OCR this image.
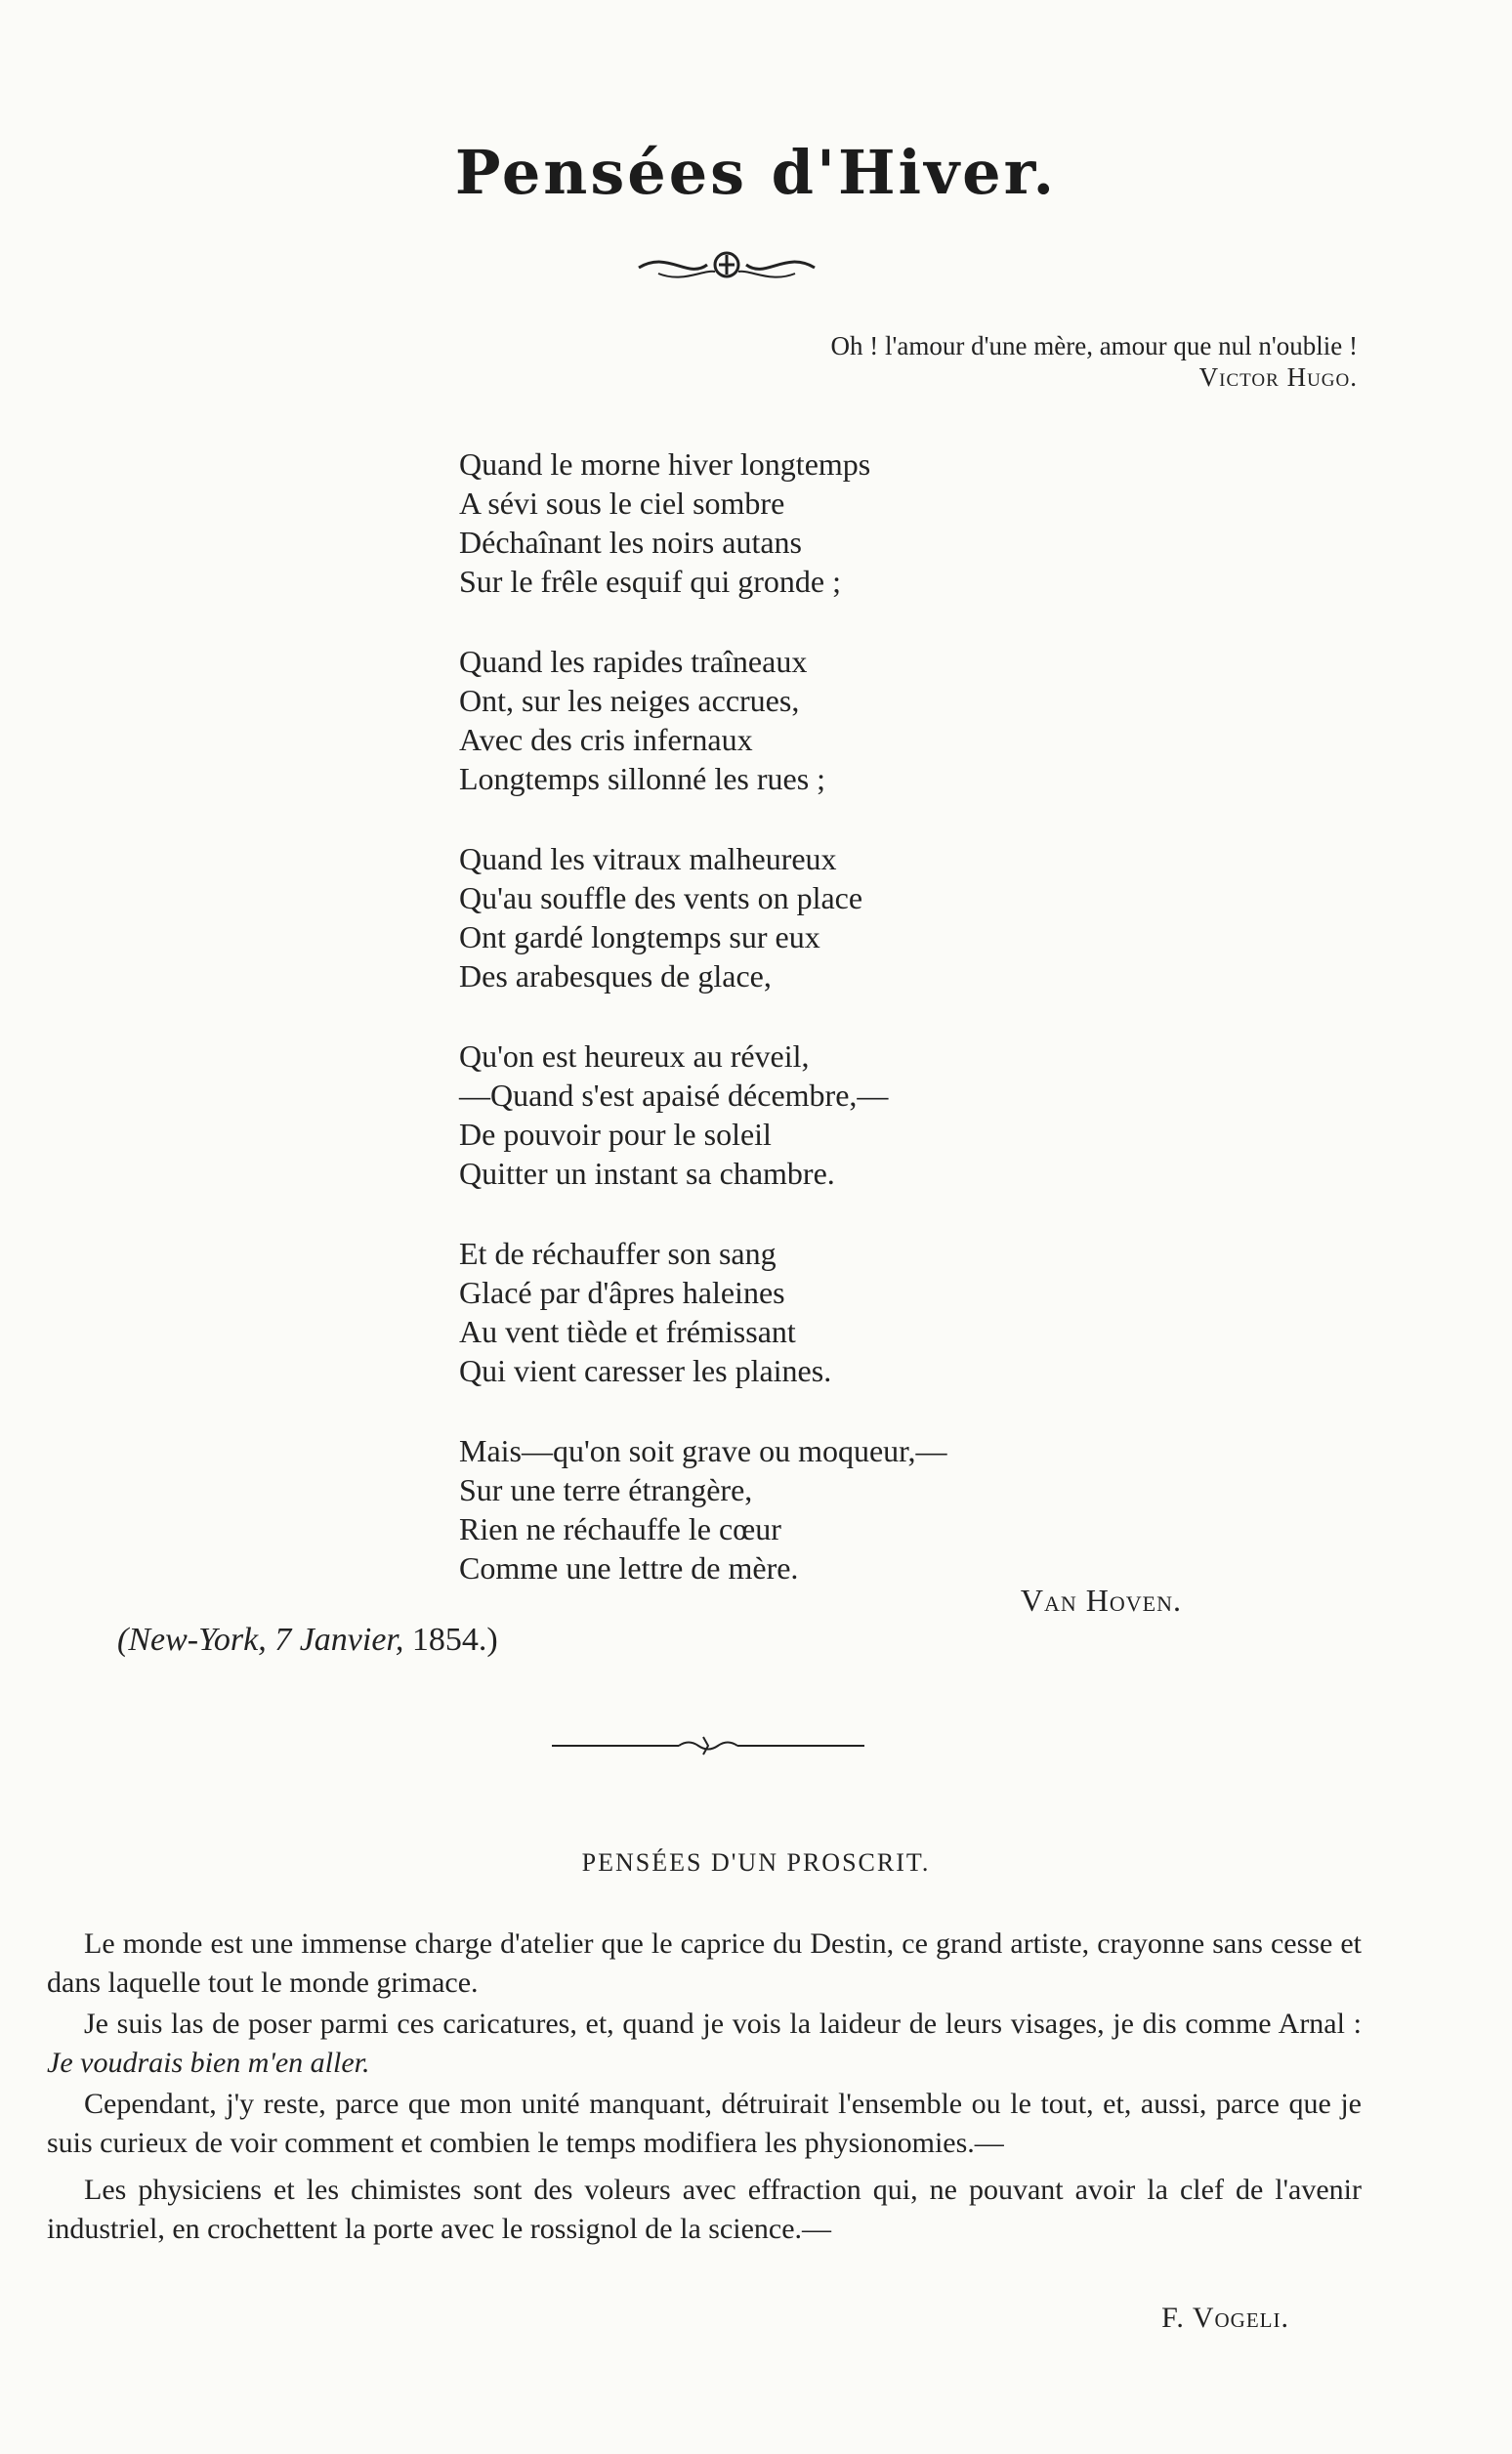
Pensées d'Hiver.
Oh ! l'amour d'une mère, amour que nul n'oublie !
Victor Hugo.
Quand le morne hiver longtemps
A sévi sous le ciel sombre
Déchaînant les noirs autans
Sur le frêle esquif qui gronde ;
Quand les rapides traîneaux
Ont, sur les neiges accrues,
Avec des cris infernaux
Longtemps sillonné les rues ;
Quand les vitraux malheureux
Qu'au souffle des vents on place
Ont gardé longtemps sur eux
Des arabesques de glace,
Qu'on est heureux au réveil,
—Quand s'est apaisé décembre,—
De pouvoir pour le soleil
Quitter un instant sa chambre.
Et de réchauffer son sang
Glacé par d'âpres haleines
Au vent tiède et frémissant
Qui vient caresser les plaines.
Mais—qu'on soit grave ou moqueur,—
Sur une terre étrangère,
Rien ne réchauffe le cœur
Comme une lettre de mère.
Van Hoven.
(New-York, 7 Janvier, 1854.)
PENSÉES D'UN PROSCRIT.

Le monde est une immense charge d'atelier que le caprice du Destin, ce grand artiste, crayonne sans cesse et dans laquelle tout le monde grimace.

Je suis las de poser parmi ces caricatures, et, quand je vois la laideur de leurs visages, je dis comme Arnal : Je voudrais bien m'en aller.

Cependant, j'y reste, parce que mon unité manquant, détruirait l'ensemble ou le tout, et, aussi, parce que je suis curieux de voir comment et combien le temps modifiera les physionomies.—

Les physiciens et les chimistes sont des voleurs avec effraction qui, ne pouvant avoir la clef de l'avenir industriel, en crochettent la porte avec le rossignol de la science.—

F. Vogeli.
